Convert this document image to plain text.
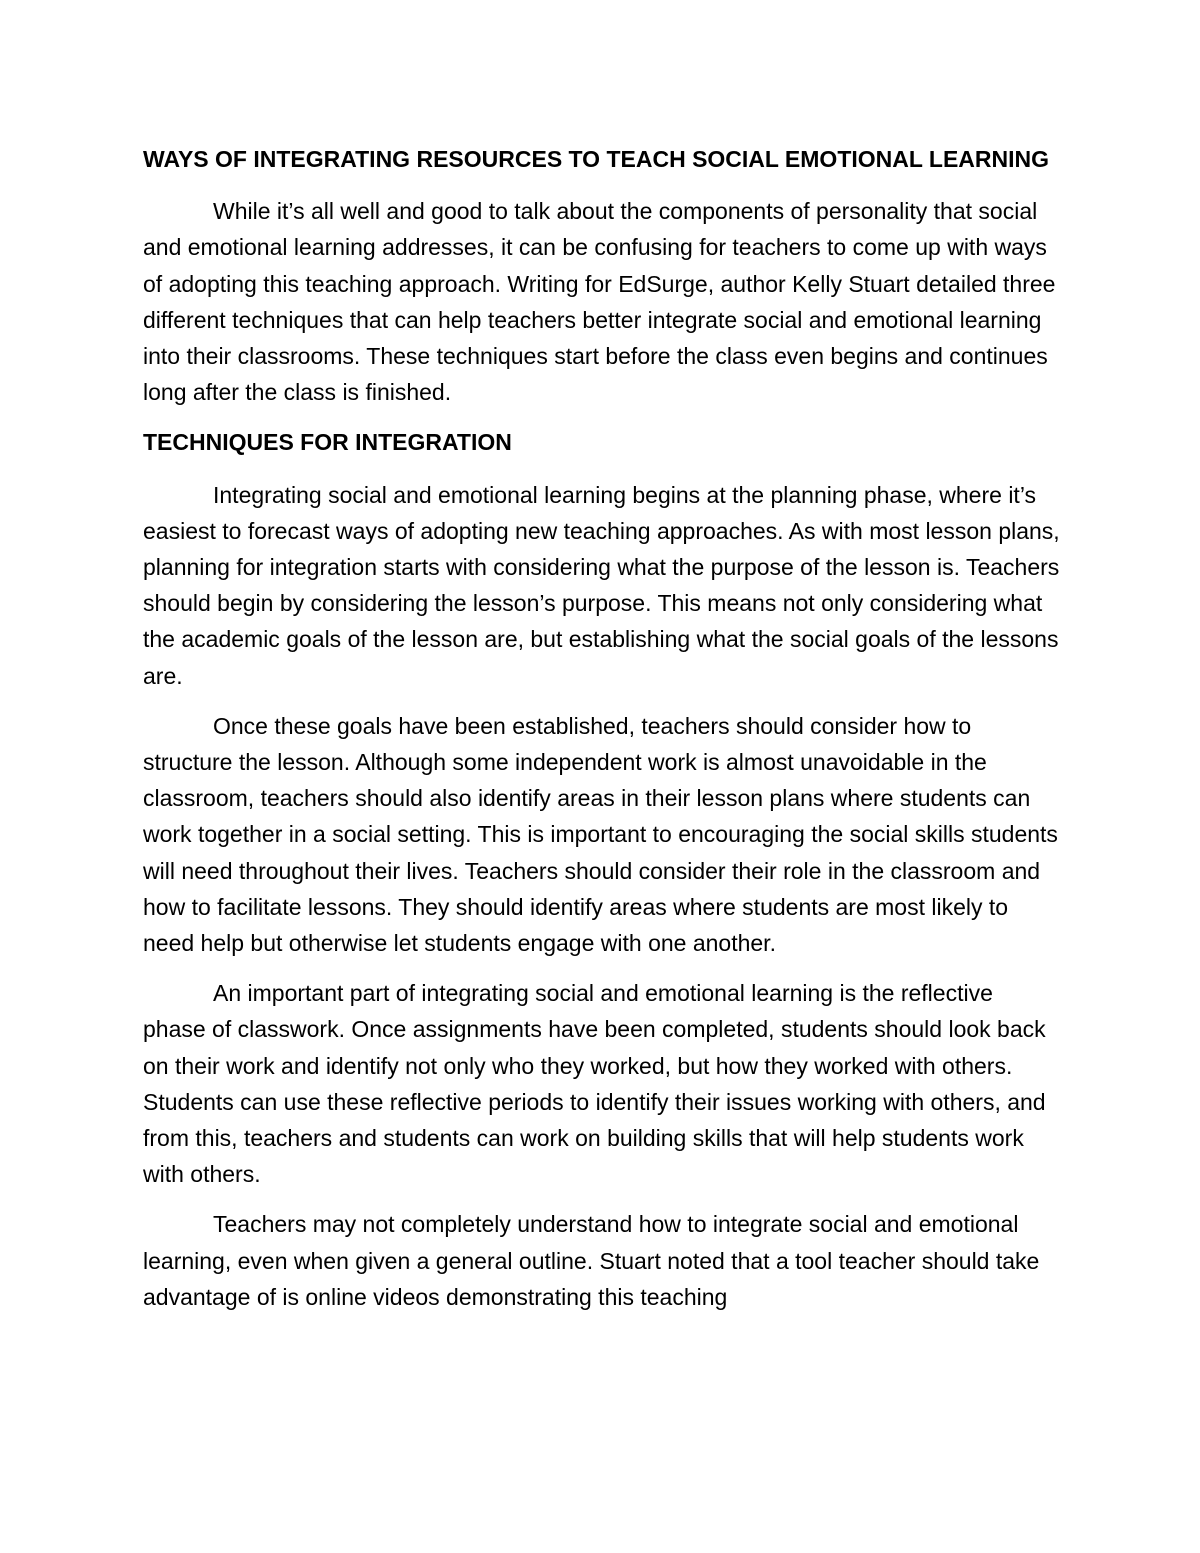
WAYS OF INTEGRATING RESOURCES TO TEACH SOCIAL EMOTIONAL LEARNING

While it’s all well and good to talk about the components of personality that social and emotional learning addresses, it can be confusing for teachers to come up with ways of adopting this teaching approach. Writing for EdSurge, author Kelly Stuart detailed three different techniques that can help teachers better integrate social and emotional learning into their classrooms. These techniques start before the class even begins and continues long after the class is finished.

TECHNIQUES FOR INTEGRATION

Integrating social and emotional learning begins at the planning phase, where it’s easiest to forecast ways of adopting new teaching approaches. As with most lesson plans, planning for integration starts with considering what the purpose of the lesson is. Teachers should begin by considering the lesson’s purpose. This means not only considering what the academic goals of the lesson are, but establishing what the social goals of the lessons are.

Once these goals have been established, teachers should consider how to structure the lesson. Although some independent work is almost unavoidable in the classroom, teachers should also identify areas in their lesson plans where students can work together in a social setting. This is important to encouraging the social skills students will need throughout their lives. Teachers should consider their role in the classroom and how to facilitate lessons. They should identify areas where students are most likely to need help but otherwise let students engage with one another.

An important part of integrating social and emotional learning is the reflective phase of classwork. Once assignments have been completed, students should look back on their work and identify not only who they worked, but how they worked with others. Students can use these reflective periods to identify their issues working with others, and from this, teachers and students can work on building skills that will help students work with others.

Teachers may not completely understand how to integrate social and emotional learning, even when given a general outline. Stuart noted that a tool teacher should take advantage of is online videos demonstrating this teaching
